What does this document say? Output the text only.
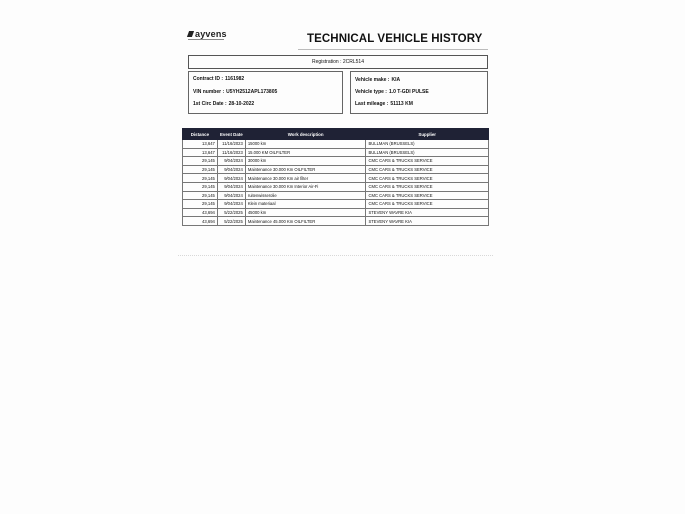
ayvens	TECHNICAL VEHICLE HISTORY
Registration : 2CRL514
Contract ID : 1161982
VIN number : U5YH2512APL173805
1st Circ Date : 28-10-2022
Vehicle make : KIA
Vehicle type : 1.0 T-GDI PULSE
Last mileage : 51113 KM
Distance	Event Date	Work description	Supplier
13,647	11/16/2023	15000 km	BULLMAN (BRUSSELS)
13,647	11/16/2023	15.000 KM OILFILTER	BULLMAN (BRUSSELS)
29,145	9/04/2024	30000 km	CMC CARS & TRUCKS SERVICE
29,145	9/04/2024	Maintenance 30.000 Km OILFILTER	CMC CARS & TRUCKS SERVICE
29,145	9/04/2024	Maintenance 30.000 Km air filter	CMC CARS & TRUCKS SERVICE
29,145	9/04/2024	Maintenance 30.000 Km Interior Air-Fi	CMC CARS & TRUCKS SERVICE
29,145	9/04/2024	ruitenwisserolie	CMC CARS & TRUCKS SERVICE
29,145	9/04/2024	Klein materiaal	CMC CARS & TRUCKS SERVICE
43,694	5/22/2025	45000 km	STEVENY WAVRE KIA
43,694	5/22/2025	Maintenance 45.000 Km OILFILTER	STEVENY WAVRE KIA
